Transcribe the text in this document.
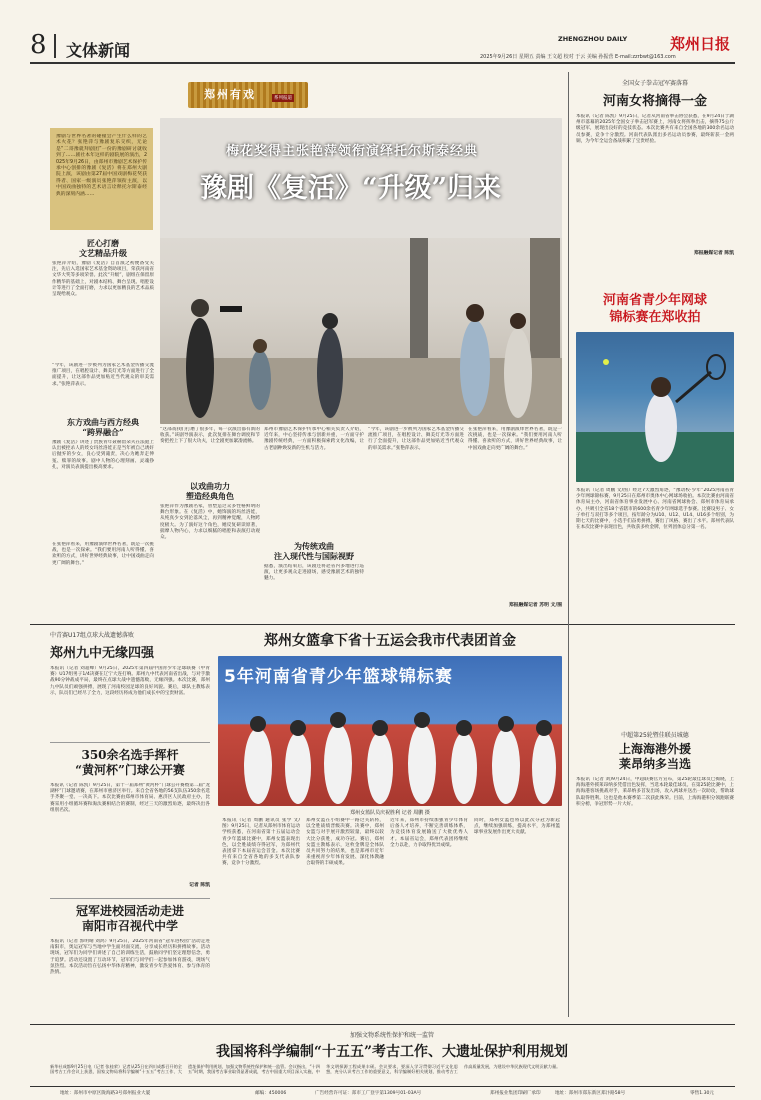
8 文体新闻
ZHENGZHOU DAILY	郑州日报
2025年9月26日 星期五 责编 王文超 校对 于云 美编 孙振营 E-mail:zzrbwt@163.com
郑州有戏	系列报道
豫剧与世界名著的碰撞会产生什么样的艺术火花？张艳萍与豫剧复乐交织，无论是“二哥豫就拜剧团”一份的豫剧研讨就收到了……剧社本年这样的剧院展的演出，2025年9月26日，由郑州市豫剧艺术保护传承中心创排的豫剧《复活》将在郑州大剧院上演，该剧由第27届中国戏剧梅花奖获得者、国家一级演员张艳萍领衔主演，以中国戏曲独特的艺术语言诠释托尔斯泰经典的深刻内涵……
梅花奖得主张艳萍领衔演绎托尔斯泰经典
豫剧《复活》“升级”归来
匠心打磨
文艺精品升级
张艳萍介绍，豫剧《复活》自首演之初便备受关注，先后入选国家艺术基金资助项目，荣获河南省文华大奖等多项荣誉。此次“升级”，剧组在保留原作精华的基础上，对剧本结构、舞台呈现、唱腔设计等进行了全面打磨，力求以更加精良的艺术品质呈现给观众。
“今年，该剧进一步被列为国家艺术基金传播交流推广项目，在唱腔设计、舞美灯光等方面进行了全面提升，让这部作品更加贴近当代观众的审美需求。”张艳萍表示。
东方戏曲与西方经典
“跨界融合”
豫剧《复活》讲述了贵族青年聂赫留朵夫在法庭上认出被控杀人的妓女玛丝洛娃正是当年被自己诱奸后抛弃的少女，良心受到谴责，决心为她奔走伸冤、赎罪的故事。剧中人物的心理刻画、灵魂挣扎，对演员表演提出极高要求。
在张艳萍看来，用豫剧演绎世界名著，既是一次挑战，也是一次探索。“我们要用河南人听得懂、喜欢听的方式，讲好世界经典故事，让中国戏曲走向更广阔的舞台。”
“这部戏我们打磨了很多年，每一次演出都有新的收获。”该剧导演表示，此次复排在舞台调度和节奏把控上下了很大功夫，让全剧更加紧凑流畅。
以戏曲功力
塑造经典角色
张艳萍作为豫剧名家，曾塑造过众多性格鲜明的舞台形象。在《复活》中，她饰演的玛丝洛娃，从纯真少女到沦落风尘，再到精神觉醒，人物跨度极大。为了演好这个角色，她反复研读原著，揣摩人物内心，力求以细腻的唱腔和表演打动观众。
郑州市豫剧艺术保护传承中心相关负责人介绍，近年来，中心坚持传承与创新并重，一方面守护豫剧传统经典，一方面积极探索跨文化改编，让古老剧种焕发新的生机与活力。
为传统戏曲
注入现代性与国际视野
据悉，演出结束后，该剧还将赴省内多地进行巡演，让更多观众走进剧场，感受豫剧艺术的独特魅力。
“今年，该剧进一步被列为国家艺术基金传播交流推广项目，在唱腔设计、舞美灯光等方面进行了全面提升，让这部作品更加贴近当代观众的审美需求。”张艳萍表示。
在张艳萍看来，用豫剧演绎世界名著，既是一次挑战，也是一次探索。“我们要用河南人听得懂、喜欢听的方式，讲好世界经典故事，让中国戏曲走向更广阔的舞台。”
郑报融媒记者 苏明 文/图
全国女子拳击冠军赛落幕
河南女将摘得一金
本报讯（记者 陈凯）9月25日，记者从河南省拳击协会获悉，在9月24日于湖州市落幕的2025年全国女子拳击冠军赛上，河南女将挥拳出击，摘得75公斤级冠军，展现出良好的竞技状态。本次比赛共有来自全国各地的300余名运动员参赛，竞争十分激烈。河南代表队派出多名运动员参赛，最终斩获一金两铜，为今年全运会备战积累了宝贵经验。
郑报融媒记者 陈凯
河南省青少年网球
锦标赛在郑收拍
本报讯（记者 周鹏 文/图）经过7天激烈角逐，“豫动校·少年”2025河南省青少年网球锦标赛，9月25日在郑州市奥体中心网球场收拍。本次比赛由河南省体育局主办，河南省体育事业发展中心、河南省网球协会、郑州市体育局承办，共吸引全省18个省辖市的600余名青少年网球选手参赛。比赛设男子、女子单打与双打等多个项目，按年龄分为U10、U12、U14、U16多个组别，为期七天的比赛中，小选手们奋勇拼搏，赛出了风格、赛出了水平。郑州代表队在本次比赛中表现出色，共收获多枚金牌，位列团体总分第一名。
中超第25轮暨佳联员城德
上海海港外援
莱昂纳多当选
本报讯（记者 刘)9月24日，中超联赛官方宣布，第25轮最佳球员已揭晓，上海海港外援莱昂纳多凭借出色发挥，当选本轮最佳球员。在第25轮比赛中，上海海港客场挑战对手，莱昂纳多首发出场，攻入两球并送出一次助攻，帮助球队取得胜利。这也是他本赛季第二次获此殊荣。目前，上海海港积分领跑联赛积分榜，争冠形势一片大好。
中青赛U17组点球大战遗憾落败
郑州九中无缘四强
本报讯（记者 刘超峰）9月25日，2025年第四届中国青少年足球联赛（中青赛）U17组男子1/4决赛在辽宁大连打响。郑州九中代表河南省出战，与对手激战90分钟战成平局，最终在点球大战中遗憾落败，无缘四强。本次比赛，郑州九中队员们顽强拼搏，展现了河南校园足球的良好风貌。赛后，球队主教练表示，队员们已经尽了全力，这段经历将成为他们成长中的宝贵财富。
350余名选手挥杆
“黄河杯”门球公开赛
本报讯（记者 陈凯）9月25日，第十一届郑州“黄河杯”门球公开赛暨第二届“龙湖杯”门球邀请赛，在郑州市惠济区举行。来自全省各地的56支队伍350余名选手齐聚一堂、一决高下。本次比赛由郑州市体育局、惠济区人民政府主办，比赛采用小组循环赛和淘汰赛相结合的赛制，经过三天的激烈角逐，最终决出各组别名次。
记者 陈凯
冠军进校园活动走进
南阳市召视代中学
本报讯（记者 郭明晴 刘鸿）9月25日，2025年河南省“冠军进校园”活动走进南阳市，奥运冠军与当地中学生面对面交流，分享成长经历和拼搏故事。活动现场，冠军们为同学们讲述了自己的训练生活，鼓励同学们坚定理想信念，勇于追梦。活动还设置了互动环节，冠军们与同学们一起参加体育游戏，现场气氛热烈。本次活动旨在弘扬中华体育精神，激发青少年热爱体育、参与体育的热情。
郑州女篮拿下省十五运会我市代表团首金
5年河南省青少年篮球锦标赛
郑州女篮队员庆祝胜利 记者 周鹏 摄
本报讯（记者 周鹏 通讯员 张学 文/图）9月25日，记者从郑州市体育运动学校获悉，在河南省第十五届运动会青少年篮球比赛中，郑州女篮表现出色，以全胜战绩夺得冠军，为郑州代表团拿下本届省运会首金。本次比赛共有来自全省各地的多支代表队参赛，竞争十分激烈。
郑州女篮在小组赛中一路过关斩将，以全胜战绩晋级决赛。决赛中，郑州女篮与对手展开激烈较量，最终以较大比分获胜，成功夺冠。赛后，郑州女篮主教练表示，这枚金牌是全体队员共同努力的结果，也是郑州市近年来重视青少年体育发展、深化体教融合取得的丰硕成果。
近年来，郑州市持续加强青少年体育后备人才培养，不断完善训练体系，为竞技体育发展输送了大批优秀人才。本届省运会，郑州代表团将继续全力以赴，力争取得优异成绩。
同时，郑州女篮也将以此次夺冠为新起点，继续加强训练，提高水平，为郑州篮球事业发展作出更大贡献。
加强文物系统性保护和统一监管
我国将科学编制“十五五”考古工作、大遗址保护利用规划
新华社成都9月25日电（记者 张桂荣）记者从25日在四川成都召开的全国考古工作会议上获悉，国家文物局将科学编制“十五五”考古工作、大遗址保护利用规划，加强文物系统性保护和统一监管。会议指出，“十四五”时期，我国考古事业取得显著成就，考古中国重大项目深入实施，中华文明探源工程成果丰硕。会议要求，要深入学习贯彻习近平文化思想，充分认识考古工作的重要意义，科学编制好相关规划，推动考古工作高质量发展，为建设中华民族现代文明贡献力量。
地址：郑州市中原区陇海路3号郑州报业大厦	邮编：450006	广告经营许可证：郑市工广登字第1309号01-03A号	郑州报业集团印刷厂承印	地址：郑州市郑东新区郑汴路58号	零售1.30元
